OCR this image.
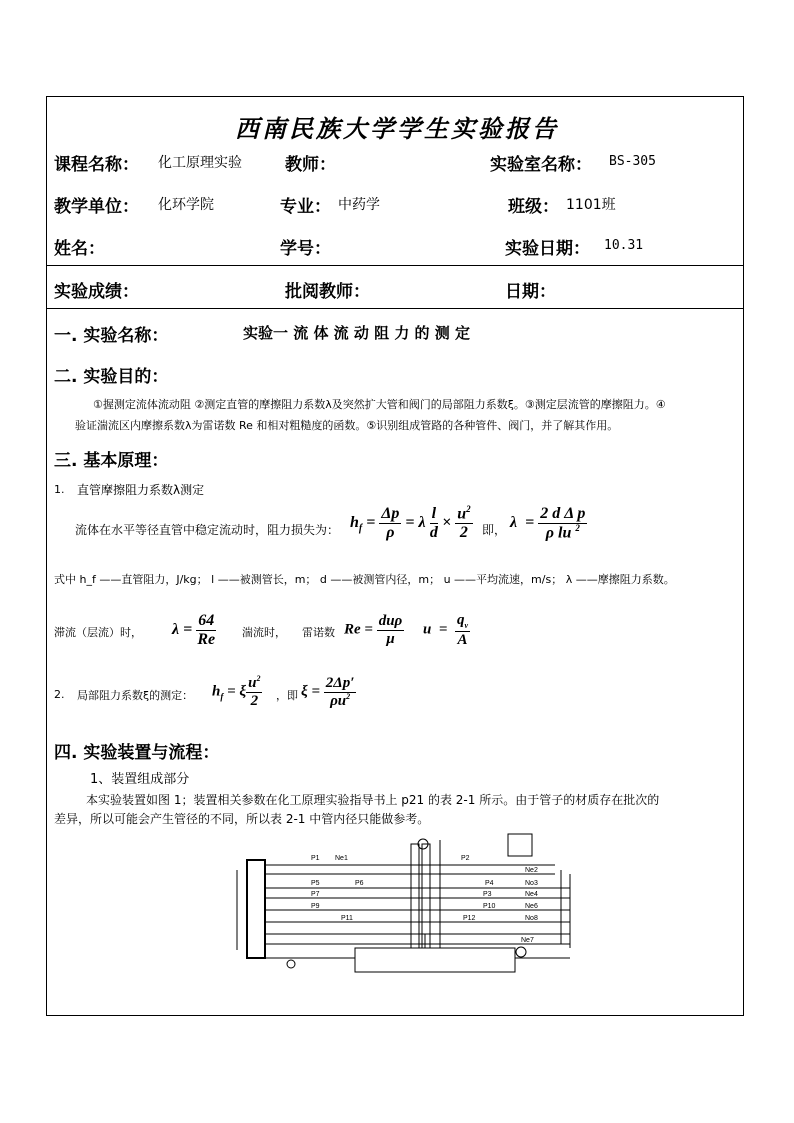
西南民族大学学生实验报告
课程名称： 化工原理实验	教师：	实验室名称： BS-305
教学单位： 化环学院	专业： 中药学	班级： 1101班
姓名：	学号：	实验日期： 10.31
实验成绩：	批阅教师：	日期：
一. 实验名称：	实验一 流 体 流 动 阻 力 的 测 定
二. 实验目的：
①握测定流体流动阻 ②测定直管的摩擦阻力系数λ及突然扩大管和阀门的局部阻力系数ξ。③测定层流管的摩擦阻力。④
验证湍流区内摩擦系数λ为雷诺数 Re 和相对粗糙度的函数。⑤识别组成管路的各种管件、阀门，并了解其作用。
三. 基本原理：
1. 直管摩擦阻力系数λ测定
流体在水平等径直管中稳定流动时，阻力损失为： $h_f = \frac{\Delta p}{\rho} = \lambda \frac{l}{d} \times \frac{u^2}{2}$ 即， $\lambda = \frac{\text{2 d Δ p}}{\rho lu ^2}$
式中 h_f ——直管阻力，J/kg； l ——被测管长，m； d ——被测管内径，m； u ——平均流速，m/s； λ ——摩擦阻力系数。
滞流（层流）时， $\lambda = \frac{64}{Re}$ 湍流时， 雷诺数 $Re = \frac{\text{duρ}}{\mu}$ $u = \frac{q_v}{A}$
2. 局部阻力系数ξ的测定： $h_f = \xi \frac{u^2}{2}$ ，即 $\xi = \frac{2\Delta p'}{\rho u^2}$
四. 实验装置与流程：
1、装置组成部分
本实验装置如图 1；装置相关参数在化工原理实验指导书上 p21 的表 2-1 所示。由于管子的材质存在批次的
差异，所以可能会产生管径的不同，所以表 2-1 中管内径只能做参考。
P1 Ne1	P2
Ne2
P5	P6	P4	No3
P7	P3	Ne4
P9	P10	Ne6
P11	P12	No8
Ne7
